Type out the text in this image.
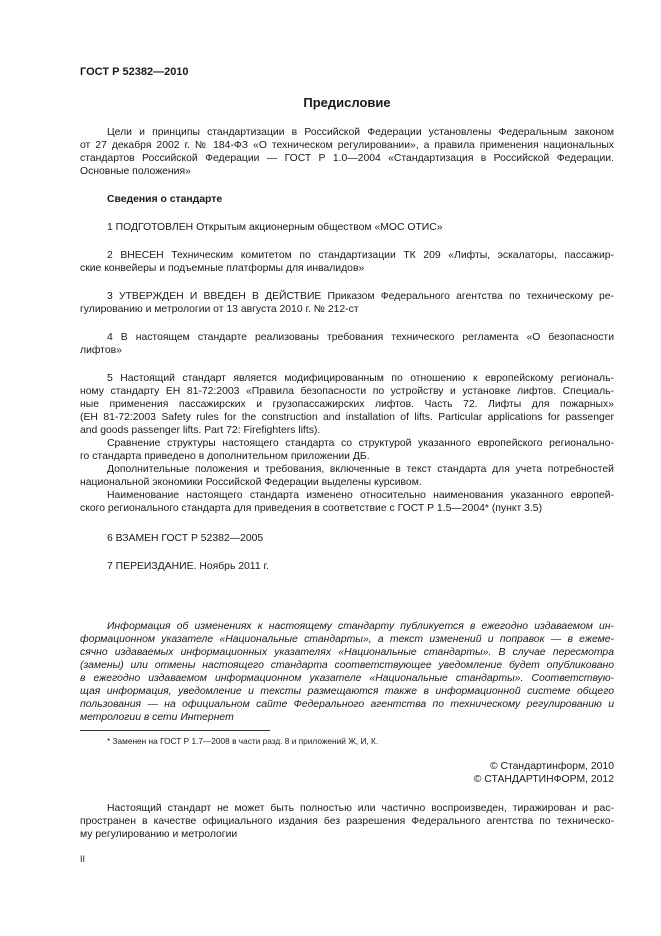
ГОСТ Р 52382—2010
Предисловие
Цели и принципы стандартизации в Российской Федерации установлены Федеральным законом
от 27 декабря 2002 г. № 184-ФЗ «О техническом регулировании», а правила применения национальных
стандартов Российской Федерации — ГОСТ Р 1.0—2004 «Стандартизация в Российской Федерации.
Основные положения»
Сведения о стандарте
1 ПОДГОТОВЛЕН Открытым акционерным обществом «МОС ОТИС»
2 ВНЕСЕН Техническим комитетом по стандартизации ТК 209 «Лифты, эскалаторы, пассажир-
ские конвейеры и подъемные платформы для инвалидов»
3 УТВЕРЖДЕН И ВВЕДЕН В ДЕЙСТВИЕ Приказом Федерального агентства по техническому ре-
гулированию и метрологии от 13 августа 2010 г. № 212-ст
4 В настоящем стандарте реализованы требования технического регламента «О безопасности
лифтов»
5 Настоящий стандарт является модифицированным по отношению к европейскому региональ-
ному стандарту ЕН 81-72:2003 «Правила безопасности по устройству и установке лифтов. Специаль-
ные применения пассажирских и грузопассажирских лифтов. Часть 72. Лифты для пожарных»
(EH 81-72:2003 Safety rules for the construction and installation of lifts. Particular applications for passenger
and goods passenger lifts. Part 72: Firefighters lifts).
Сравнение структуры настоящего стандарта со структурой указанного европейского регионально-
го стандарта приведено в дополнительном приложении ДБ.
Дополнительные положения и требования, включенные в текст стандарта для учета потребностей
национальной экономики Российской Федерации выделены курсивом.
Наименование настоящего стандарта изменено относительно наименования указанного европей-
ского регионального стандарта для приведения в соответствие с ГОСТ Р 1.5—2004* (пункт 3.5)
6 ВЗАМЕН ГОСТ Р 52382—2005
7 ПЕРЕИЗДАНИЕ. Ноябрь 2011 г.
Информация об изменениях к настоящему стандарту публикуется в ежегодно издаваемом ин-
формационном указателе «Национальные стандарты», а текст изменений и поправок — в ежеме-
сячно издаваемых информационных указателях «Национальные стандарты». В случае пересмотра
(замены) или отмены настоящего стандарта соответствующее уведомление будет опубликовано
в ежегодно издаваемом информационном указателе «Национальные стандарты». Соответствую-
щая информация, уведомление и тексты размещаются также в информационной системе общего
пользования — на официальном сайте Федерального агентства по техническому регулированию и
метрологии в сети Интернет
* Заменен на ГОСТ Р 1.7—2008 в части разд. 8 и приложений Ж, И, К.
© Стандартинформ, 2010
© СТАНДАРТИНФОРМ, 2012
Настоящий стандарт не может быть полностью или частично воспроизведен, тиражирован и рас-
пространен в качестве официального издания без разрешения Федерального агентства по техническо-
му регулированию и метрологии
II
